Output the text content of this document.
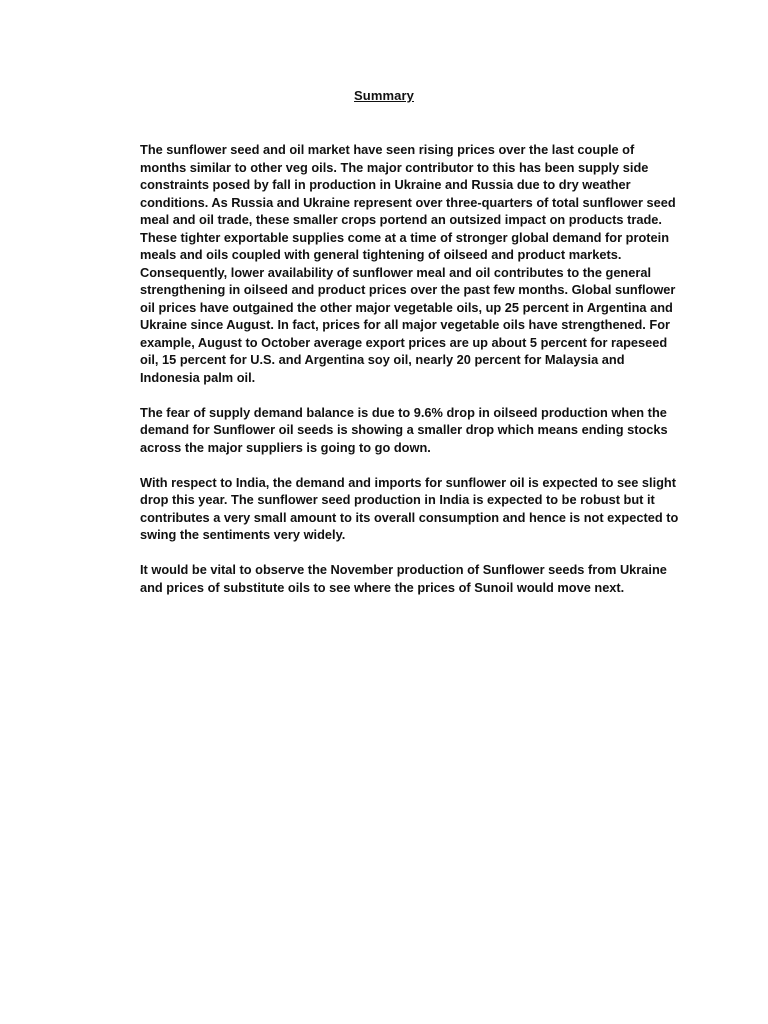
Summary

The sunflower seed and oil market have seen rising prices over the last couple of months similar to other veg oils. The major contributor to this has been supply side constraints posed by fall in production in Ukraine and Russia due to dry weather conditions. As Russia and Ukraine represent over three-quarters of total sunflower seed meal and oil trade, these smaller crops portend an outsized impact on products trade. These tighter exportable supplies come at a time of stronger global demand for protein meals and oils coupled with general tightening of oilseed and product markets. Consequently, lower availability of sunflower meal and oil contributes to the general strengthening in oilseed and product prices over the past few months. Global sunflower oil prices have outgained the other major vegetable oils, up 25 percent in Argentina and Ukraine since August. In fact, prices for all major vegetable oils have strengthened. For example, August to October average export prices are up about 5 percent for rapeseed oil, 15 percent for U.S. and Argentina soy oil, nearly 20 percent for Malaysia and Indonesia palm oil.

The fear of supply demand balance is due to 9.6% drop in oilseed production when the demand for Sunflower oil seeds is showing a smaller drop which means ending stocks across the major suppliers is going to go down.

With respect to India, the demand and imports for sunflower oil is expected to see slight drop this year. The sunflower seed production in India is expected to be robust but it contributes a very small amount to its overall consumption and hence is not expected to swing the sentiments very widely.

It would be vital to observe the November production of Sunflower seeds from Ukraine and prices of substitute oils to see where the prices of Sunoil would move next.
